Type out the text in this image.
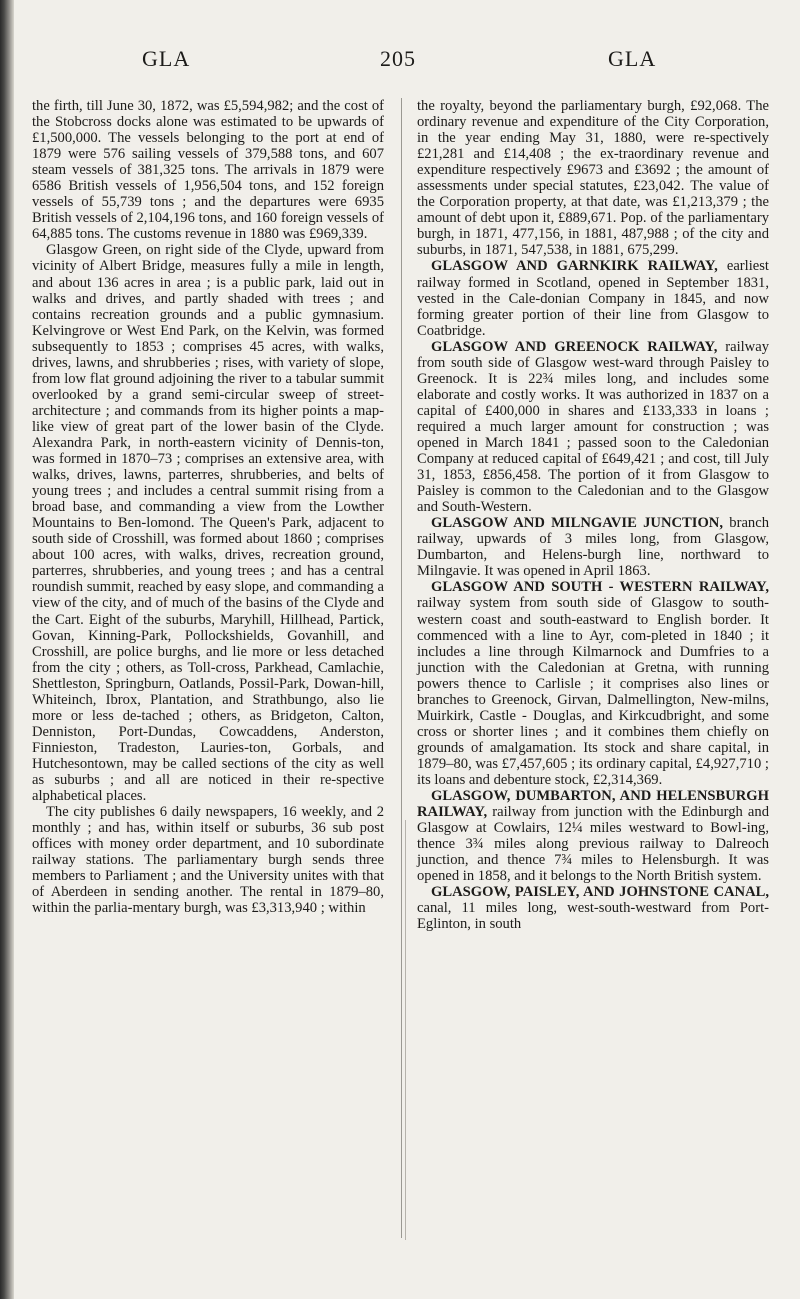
GLA	205	GLA

the firth, till June 30, 1872, was £5,594,982; and the cost of the Stobcross docks alone was estimated to be upwards of £1,500,000. The vessels belonging to the port at end of 1879 were 576 sailing vessels of 379,588 tons, and 607 steam vessels of 381,325 tons. The arrivals in 1879 were 6586 British vessels of 1,956,504 tons, and 152 foreign vessels of 55,739 tons ; and the departures were 6935 British vessels of 2,104,196 tons, and 160 foreign vessels of 64,885 tons. The customs revenue in 1880 was £969,339.

Glasgow Green, on right side of the Clyde, upward from vicinity of Albert Bridge, measures fully a mile in length, and about 136 acres in area ; is a public park, laid out in walks and drives, and partly shaded with trees ; and contains recreation grounds and a public gymnasium. Kelvingrove or West End Park, on the Kelvin, was formed subsequently to 1853 ; comprises 45 acres, with walks, drives, lawns, and shrubberies ; rises, with variety of slope, from low flat ground adjoining the river to a tabular summit overlooked by a grand semi-circular sweep of street-architecture ; and commands from its higher points a map-like view of great part of the lower basin of the Clyde. Alexandra Park, in north-eastern vicinity of Dennis-ton, was formed in 1870–73 ; comprises an extensive area, with walks, drives, lawns, parterres, shrubberies, and belts of young trees ; and includes a central summit rising from a broad base, and commanding a view from the Lowther Mountains to Ben-lomond. The Queen's Park, adjacent to south side of Crosshill, was formed about 1860 ; comprises about 100 acres, with walks, drives, recreation ground, parterres, shrubberies, and young trees ; and has a central roundish summit, reached by easy slope, and commanding a view of the city, and of much of the basins of the Clyde and the Cart. Eight of the suburbs, Maryhill, Hillhead, Partick, Govan, Kinning-Park, Pollockshields, Govanhill, and Crosshill, are police burghs, and lie more or less detached from the city ; others, as Toll-cross, Parkhead, Camlachie, Shettleston, Springburn, Oatlands, Possil-Park, Dowan-hill, Whiteinch, Ibrox, Plantation, and Strathbungo, also lie more or less de-tached ; others, as Bridgeton, Calton, Denniston, Port-Dundas, Cowcaddens, Anderston, Finnieston, Tradeston, Lauries-ton, Gorbals, and Hutchesontown, may be called sections of the city as well as suburbs ; and all are noticed in their re-spective alphabetical places.

The city publishes 6 daily newspapers, 16 weekly, and 2 monthly ; and has, within itself or suburbs, 36 sub post offices with money order department, and 10 subordinate railway stations. The parliamentary burgh sends three members to Parliament ; and the University unites with that of Aberdeen in sending another. The rental in 1879–80, within the parlia-mentary burgh, was £3,313,940 ; within

the royalty, beyond the parliamentary burgh, £92,068. The ordinary revenue and expenditure of the City Corporation, in the year ending May 31, 1880, were re-spectively £21,281 and £14,408 ; the ex-traordinary revenue and expenditure respectively £9673 and £3692 ; the amount of assessments under special statutes, £23,042. The value of the Corporation property, at that date, was £1,213,379 ; the amount of debt upon it, £889,671. Pop. of the parliamentary burgh, in 1871, 477,156, in 1881, 487,988 ; of the city and suburbs, in 1871, 547,538, in 1881, 675,299.

GLASGOW AND GARNKIRK RAILWAY, earliest railway formed in Scotland, opened in September 1831, vested in the Cale-donian Company in 1845, and now forming greater portion of their line from Glasgow to Coatbridge.

GLASGOW AND GREENOCK RAILWAY, railway from south side of Glasgow west-ward through Paisley to Greenock. It is 22¾ miles long, and includes some elaborate and costly works. It was authorized in 1837 on a capital of £400,000 in shares and £133,333 in loans ; required a much larger amount for construction ; was opened in March 1841 ; passed soon to the Caledonian Company at reduced capital of £649,421 ; and cost, till July 31, 1853, £856,458. The portion of it from Glasgow to Paisley is common to the Caledonian and to the Glasgow and South-Western.

GLASGOW AND MILNGAVIE JUNCTION, branch railway, upwards of 3 miles long, from Glasgow, Dumbarton, and Helens-burgh line, northward to Milngavie. It was opened in April 1863.

GLASGOW AND SOUTH - WESTERN RAILWAY, railway system from south side of Glasgow to south-western coast and south-eastward to English border. It commenced with a line to Ayr, com-pleted in 1840 ; it includes a line through Kilmarnock and Dumfries to a junction with the Caledonian at Gretna, with running powers thence to Carlisle ; it comprises also lines or branches to Greenock, Girvan, Dalmellington, New-milns, Muirkirk, Castle - Douglas, and Kirkcudbright, and some cross or shorter lines ; and it combines them chiefly on grounds of amalgamation. Its stock and share capital, in 1879–80, was £7,457,605 ; its ordinary capital, £4,927,710 ; its loans and debenture stock, £2,314,369.

GLASGOW, DUMBARTON, AND HELENSBURGH RAILWAY, railway from junction with the Edinburgh and Glasgow at Cowlairs, 12¼ miles westward to Bowl-ing, thence 3¾ miles along previous railway to Dalreoch junction, and thence 7¾ miles to Helensburgh. It was opened in 1858, and it belongs to the North British system.

GLASGOW, PAISLEY, AND JOHNSTONE CANAL, canal, 11 miles long, west-south-westward from Port-Eglinton, in south
